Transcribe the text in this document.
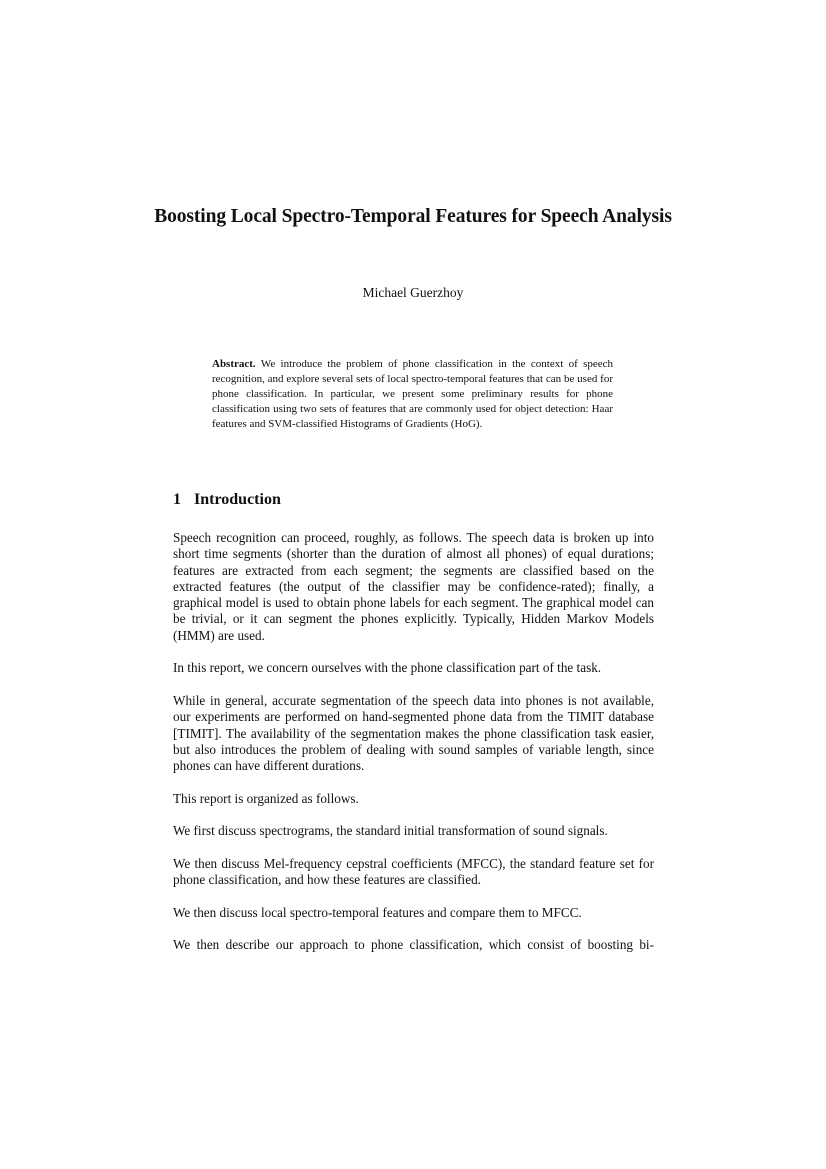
Boosting Local Spectro-Temporal Features for Speech Analysis
Michael Guerzhoy
Abstract. We introduce the problem of phone classification in the context of speech recognition, and explore several sets of local spectro-temporal features that can be used for phone classification. In particular, we present some preliminary results for phone classification using two sets of features that are commonly used for object detection: Haar features and SVM-classified Histograms of Gradients (HoG).
1 Introduction

Speech recognition can proceed, roughly, as follows. The speech data is broken up into short time segments (shorter than the duration of almost all phones) of equal durations; features are extracted from each segment; the segments are classified based on the extracted features (the output of the classifier may be confidence-rated); finally, a graphical model is used to obtain phone labels for each segment. The graphical model can be trivial, or it can segment the phones explicitly. Typically, Hidden Markov Models (HMM) are used.

In this report, we concern ourselves with the phone classification part of the task.

While in general, accurate segmentation of the speech data into phones is not available, our experiments are performed on hand-segmented phone data from the TIMIT database [TIMIT]. The availability of the segmentation makes the phone classification task easier, but also introduces the problem of dealing with sound samples of variable length, since phones can have different durations.

This report is organized as follows.

We first discuss spectrograms, the standard initial transformation of sound signals.

We then discuss Mel-frequency cepstral coefficients (MFCC), the standard feature set for phone classification, and how these features are classified.

We then discuss local spectro-temporal features and compare them to MFCC.

We then describe our approach to phone classification, which consist of boosting bi-
